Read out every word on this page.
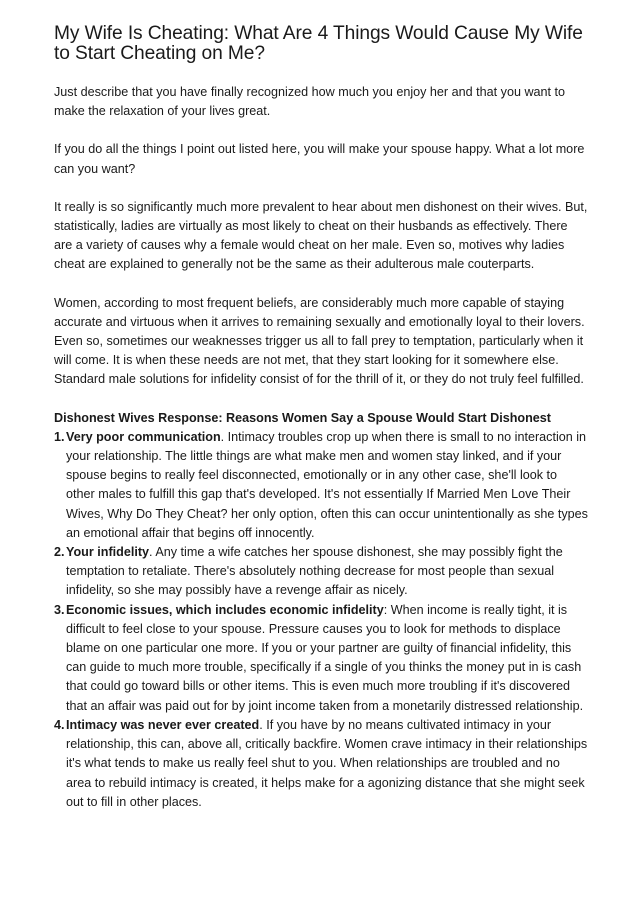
My Wife Is Cheating: What Are 4 Things Would Cause My Wife to Start Cheating on Me?

Just describe that you have finally recognized how much you enjoy her and that you want to make the relaxation of your lives great.

If you do all the things I point out listed here, you will make your spouse happy. What a lot more can you want?

It really is so significantly much more prevalent to hear about men dishonest on their wives. But, statistically, ladies are virtually as most likely to cheat on their husbands as effectively. There are a variety of causes why a female would cheat on her male. Even so, motives why ladies cheat are explained to generally not be the same as their adulterous male couterparts.

Women, according to most frequent beliefs, are considerably much more capable of staying accurate and virtuous when it arrives to remaining sexually and emotionally loyal to their lovers. Even so, sometimes our weaknesses trigger us all to fall prey to temptation, particularly when it will come. It is when these needs are not met, that they start looking for it somewhere else. Standard male solutions for infidelity consist of for the thrill of it, or they do not truly feel fulfilled.

Dishonest Wives Response: Reasons Women Say a Spouse Would Start Dishonest
1. Very poor communication. Intimacy troubles crop up when there is small to no interaction in your relationship. The little things are what make men and women stay linked, and if your spouse begins to really feel disconnected, emotionally or in any other case, she'll look to other males to fulfill this gap that's developed. It's not essentially If Married Men Love Their Wives, Why Do They Cheat? her only option, often this can occur unintentionally as she types an emotional affair that begins off innocently.
2. Your infidelity. Any time a wife catches her spouse dishonest, she may possibly fight the temptation to retaliate. There's absolutely nothing decrease for most people than sexual infidelity, so she may possibly have a revenge affair as nicely.
3. Economic issues, which includes economic infidelity: When income is really tight, it is difficult to feel close to your spouse. Pressure causes you to look for methods to displace blame on one particular one more. If you or your partner are guilty of financial infidelity, this can guide to much more trouble, specifically if a single of you thinks the money put in is cash that could go toward bills or other items. This is even much more troubling if it's discovered that an affair was paid out for by joint income taken from a monetarily distressed relationship.
4. Intimacy was never ever created. If you have by no means cultivated intimacy in your relationship, this can, above all, critically backfire. Women crave intimacy in their relationships it's what tends to make us really feel shut to you. When relationships are troubled and no area to rebuild intimacy is created, it helps make for a agonizing distance that she might seek out to fill in other places.
